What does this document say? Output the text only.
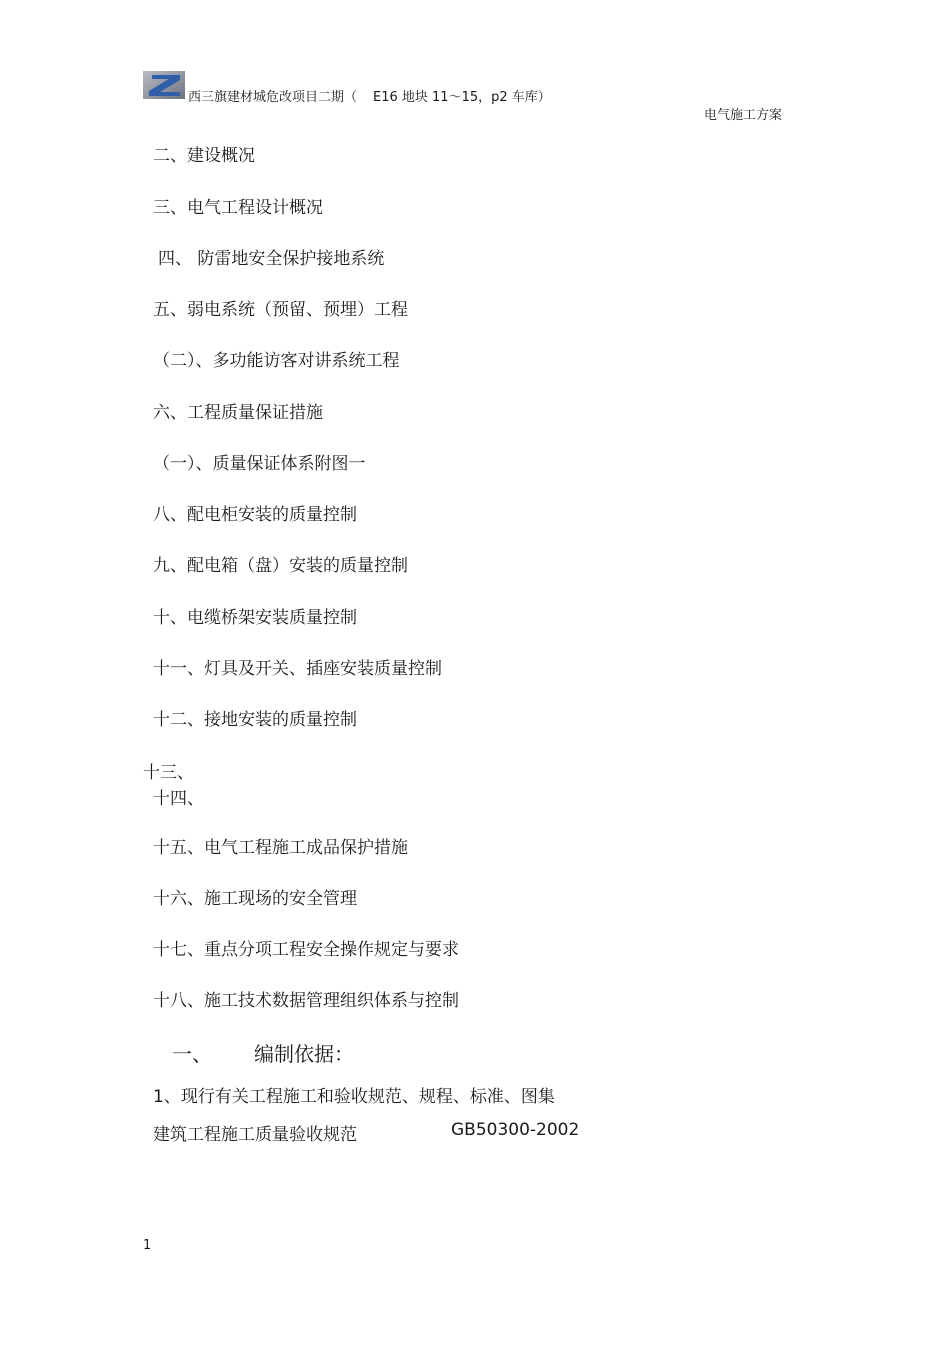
西三旗建材城危改项目二期（ E16 地块 11～15，p2 车库）
电气施工方案
二、建设概况
三、电气工程设计概况
四、 防雷地安全保护接地系统
五、弱电系统（预留、预埋）工程
（二）、多功能访客对讲系统工程
六、工程质量保证措施
（一）、质量保证体系附图一
八、配电柜安装的质量控制
九、配电箱（盘）安装的质量控制
十、电缆桥架安装质量控制
十一、灯具及开关、插座安装质量控制
十二、接地安装的质量控制
十三、
十四、
十五、电气工程施工成品保护措施
十六、施工现场的安全管理
十七、重点分项工程安全操作规定与要求
十八、施工技术数据管理组织体系与控制
一、 编制依据：
1、现行有关工程施工和验收规范、规程、标准、图集
建筑工程施工质量验收规范	GB50300-2002
1
